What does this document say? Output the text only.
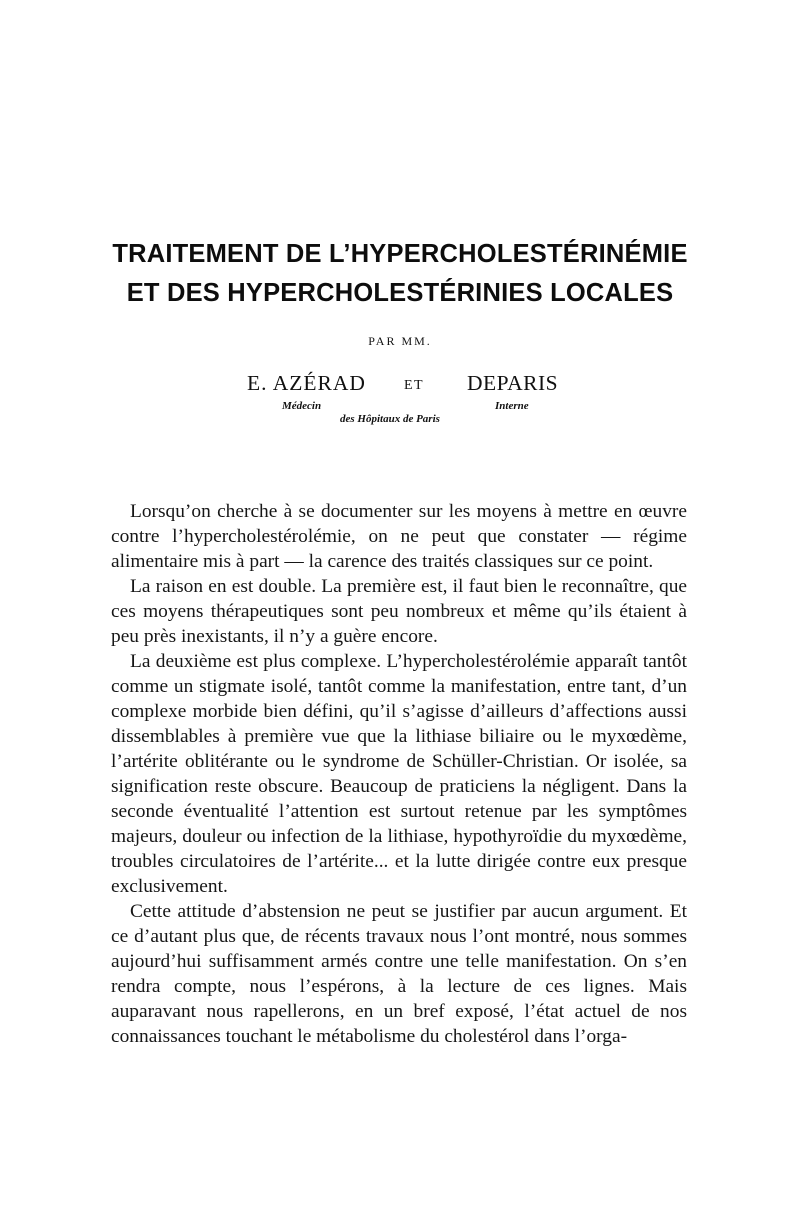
TRAITEMENT DE L’HYPERCHOLESTÉRINÉMIE
ET DES HYPERCHOLESTÉRINIES LOCALES
PAR MM.
E. AZÉRAD	ET DEPARIS
Médecin	Interne
des Hôpitaux de Paris

Lorsqu’on cherche à se documenter sur les moyens à mettre en œuvre contre l’hypercholestérolémie, on ne peut que constater — régime alimentaire mis à part — la carence des traités classiques sur ce point.

La raison en est double. La première est, il faut bien le reconnaître, que ces moyens thérapeutiques sont peu nombreux et même qu’ils étaient à peu près inexistants, il n’y a guère encore.

La deuxième est plus complexe. L’hypercholestérolémie apparaît tantôt comme un stigmate isolé, tantôt comme la manifestation, entre tant, d’un complexe morbide bien défini, qu’il s’agisse d’ailleurs d’affections aussi dissemblables à première vue que la lithiase biliaire ou le myxœdème, l’artérite oblitérante ou le syndrome de Schüller-Christian. Or isolée, sa signification reste obscure. Beaucoup de praticiens la négligent. Dans la seconde éventualité l’attention est surtout retenue par les symptômes majeurs, douleur ou infection de la lithiase, hypothyroïdie du myxœdème, troubles circulatoires de l’artérite... et la lutte dirigée contre eux presque exclusivement.

Cette attitude d’abstension ne peut se justifier par aucun argument. Et ce d’autant plus que, de récents travaux nous l’ont montré, nous sommes aujourd’hui suffisamment armés contre une telle manifestation. On s’en rendra compte, nous l’espérons, à la lecture de ces lignes. Mais auparavant nous rapellerons, en un bref exposé, l’état actuel de nos connaissances touchant le métabolisme du cholestérol dans l’orga-
